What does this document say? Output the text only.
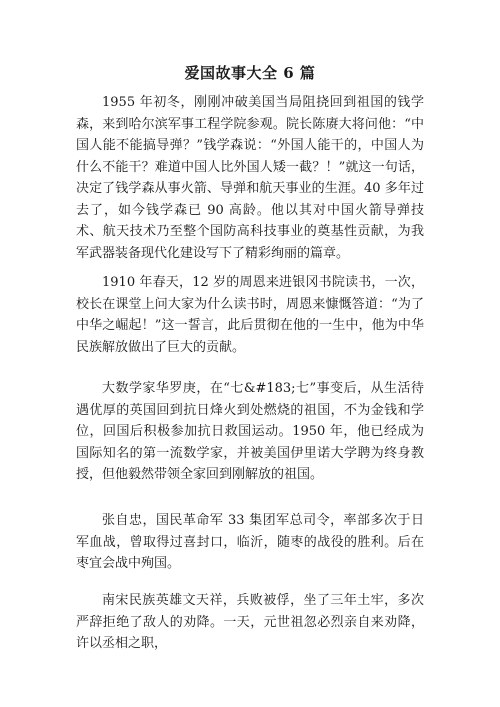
爱国故事大全 6 篇

1955 年初冬，刚刚冲破美国当局阻挠回到祖国的钱学森，来到哈尔滨军事工程学院参观。院长陈赓大将问他：“中国人能不能搞导弹？”钱学森说：“外国人能干的，中国人为什么不能干？难道中国人比外国人矮一截？！”就这一句话，决定了钱学森从事火箭、导弹和航天事业的生涯。40 多年过去了，如今钱学森已 90 高龄。他以其对中国火箭导弹技术、航天技术乃至整个国防高科技事业的奠基性贡献，为我军武器装备现代化建设写下了精彩绚丽的篇章。

1910 年春天，12 岁的周恩来进银冈书院读书，一次，校长在课堂上问大家为什么读书时，周恩来慷慨答道：“为了中华之崛起！”这一誓言，此后贯彻在他的一生中，他为中华民族解放做出了巨大的贡献。

大数学家华罗庚，在“七&#183;七”事变后，从生活待遇优厚的英国回到抗日烽火到处燃烧的祖国，不为金钱和学位，回国后积极参加抗日救国运动。1950 年，他已经成为国际知名的第一流数学家，并被美国伊里诺大学聘为终身教授，但他毅然带领全家回到刚解放的祖国。

张自忠，国民革命军 33 集团军总司令，率部多次于日军血战，曾取得过喜封口，临沂，随枣的战役的胜利。后在枣宜会战中殉国。

南宋民族英雄文天祥，兵败被俘，坐了三年土牢，多次严辞拒绝了敌人的劝降。一天，元世祖忽必烈亲自来劝降，许以丞相之职，
